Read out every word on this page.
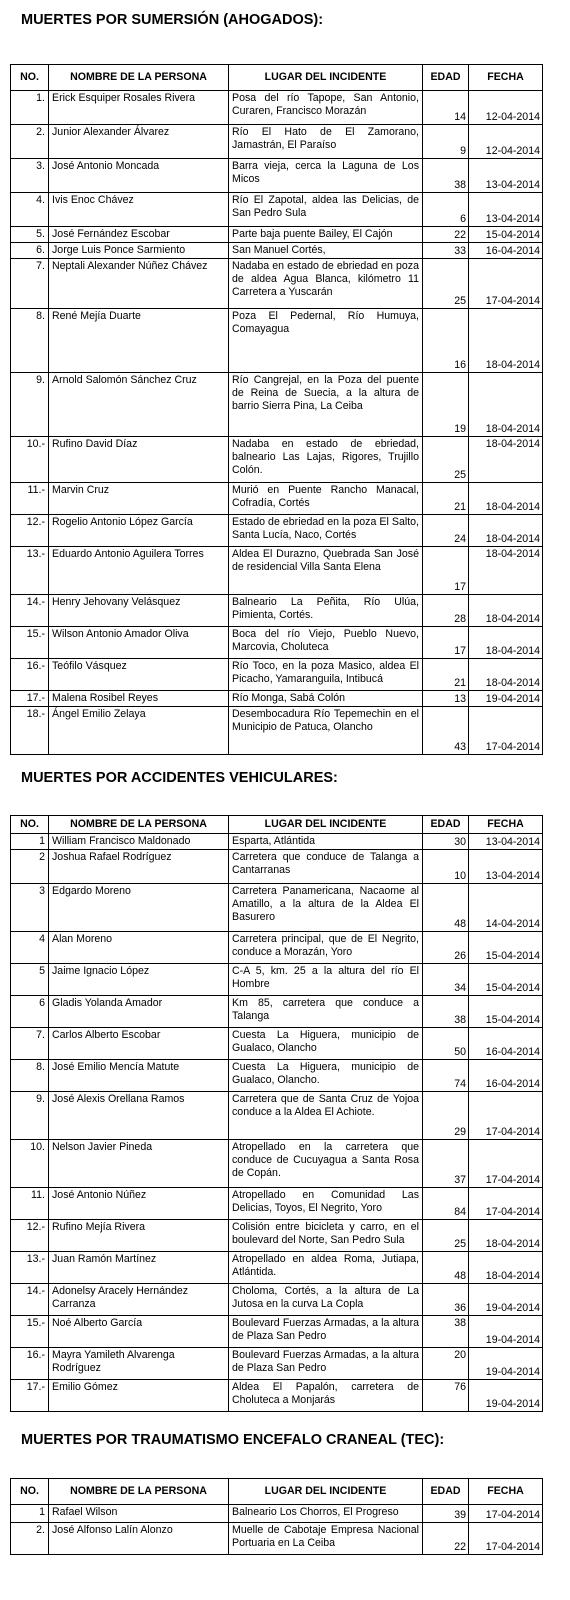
MUERTES POR SUMERSIÓN (AHOGADOS):
MUERTES POR ACCIDENTES VEHICULARES:
MUERTES POR TRAUMATISMO ENCEFALO CRANEAL (TEC):
NO.	NOMBRE DE LA PERSONA	LUGAR DEL INCIDENTE	EDAD	FECHA
1.	Erick Esquiper Rosales Rivera	Posa del río Tapope, San Antonio, Curaren, Francisco Morazán	14	12-04-2014
2.	Junior Alexander Álvarez	Río El Hato de El Zamorano, Jamastrán, El Paraíso	9	12-04-2014
3.	José Antonio Moncada	Barra vieja, cerca la Laguna de Los Micos	38	13-04-2014
4.	Ivis Enoc Chávez	Río El Zapotal, aldea las Delicias, de San Pedro Sula	6	13-04-2014
5.	José Fernández Escobar	Parte baja puente Bailey, El Cajón	22	15-04-2014
6.	Jorge Luis Ponce Sarmiento	San Manuel Cortés,	33	16-04-2014
7.	Neptali Alexander Núñez Chávez	Nadaba en estado de ebriedad en poza de aldea Agua Blanca, kilómetro 11 Carretera a Yuscarán	25	17-04-2014
8.	René Mejía Duarte	Poza El Pedernal, Río Humuya, Comayagua	16	18-04-2014
9.	Arnold Salomón Sánchez Cruz	Río Cangrejal, en la Poza del puente de Reina de Suecia, a la altura de barrio Sierra Pina, La Ceiba	19	18-04-2014
10.-	Rufino David Díaz	Nadaba en estado de ebriedad, balneario Las Lajas, Rigores, Trujillo Colón.	25	18-04-2014
11.-	Marvin Cruz	Murió en Puente Rancho Manacal, Cofradía, Cortés	21	18-04-2014
12.-	Rogelio Antonio López García	Estado de ebriedad en la poza El Salto, Santa Lucía, Naco, Cortés	24	18-04-2014
13.-	Eduardo Antonio Aguilera Torres	Aldea El Durazno, Quebrada San José de residencial Villa Santa Elena	17	18-04-2014
14.-	Henry Jehovany Velásquez	Balneario La Peñita, Río Ulúa, Pimienta, Cortés.	28	18-04-2014
15.-	Wilson Antonio Amador Oliva	Boca del río Viejo, Pueblo Nuevo, Marcovia, Choluteca	17	18-04-2014
16.-	Teófilo Vásquez	Río Toco, en la poza Masico, aldea El Picacho, Yamaranguila, Intibucá	21	18-04-2014
17.-	Malena Rosibel Reyes	Río Monga, Sabá Colón	13	19-04-2014
18.-	Ángel Emilio Zelaya	Desembocadura Río Tepemechin en el Municipio de Patuca, Olancho	43	17-04-2014
NO.	NOMBRE DE LA PERSONA	LUGAR DEL INCIDENTE	EDAD	FECHA
1	William Francisco Maldonado	Esparta, Atlántida	30	13-04-2014
2	Joshua Rafael Rodríguez	Carretera que conduce de Talanga a Cantarranas	10	13-04-2014
3	Edgardo Moreno	Carretera Panamericana, Nacaome al Amatillo, a la altura de la Aldea El Basurero	48	14-04-2014
4	Alan Moreno	Carretera principal, que de El Negrito, conduce a Morazán, Yoro	26	15-04-2014
5	Jaime Ignacio López	C-A 5, km. 25 a la altura del río El Hombre	34	15-04-2014
6	Gladis Yolanda Amador	Km 85, carretera que conduce a Talanga	38	15-04-2014
7.	Carlos Alberto Escobar	Cuesta La Higuera, municipio de Gualaco, Olancho	50	16-04-2014
8.	José Emilio Mencía Matute	Cuesta La Higuera, municipio de Gualaco, Olancho.	74	16-04-2014
9.	José Alexis Orellana Ramos	Carretera que de Santa Cruz de Yojoa conduce a la Aldea El Achiote.	29	17-04-2014
10.	Nelson Javier Pineda	Atropellado en la carretera que conduce de Cucuyagua a Santa Rosa de Copán.	37	17-04-2014
11.	José Antonio Núñez	Atropellado en Comunidad Las Delicias, Toyos, El Negrito, Yoro	84	17-04-2014
12.-	Rufino Mejía Rivera	Colisión entre bicicleta y carro, en el boulevard del Norte, San Pedro Sula	25	18-04-2014
13.-	Juan Ramón Martínez	Atropellado en aldea Roma, Jutiapa, Atlántida.	48	18-04-2014
14.-	Adonelsy Aracely Hernández Carranza	Choloma, Cortés, a la altura de La Jutosa en la curva La Copla	36	19-04-2014
15.-	Noé Alberto García	Boulevard Fuerzas Armadas, a la altura de Plaza San Pedro	38	19-04-2014
16.-	Mayra Yamileth Alvarenga Rodríguez	Boulevard Fuerzas Armadas, a la altura de Plaza San Pedro	20	19-04-2014
17.-	Emilio Gómez	Aldea El Papalón, carretera de Choluteca a Monjarás	76	19-04-2014
NO.	NOMBRE DE LA PERSONA	LUGAR DEL INCIDENTE	EDAD	FECHA
1	Rafael Wilson	Balneario Los Chorros, El Progreso	39	17-04-2014
2.	José Alfonso Lalín Alonzo	Muelle de Cabotaje Empresa Nacional Portuaria en La Ceiba	22	17-04-2014
